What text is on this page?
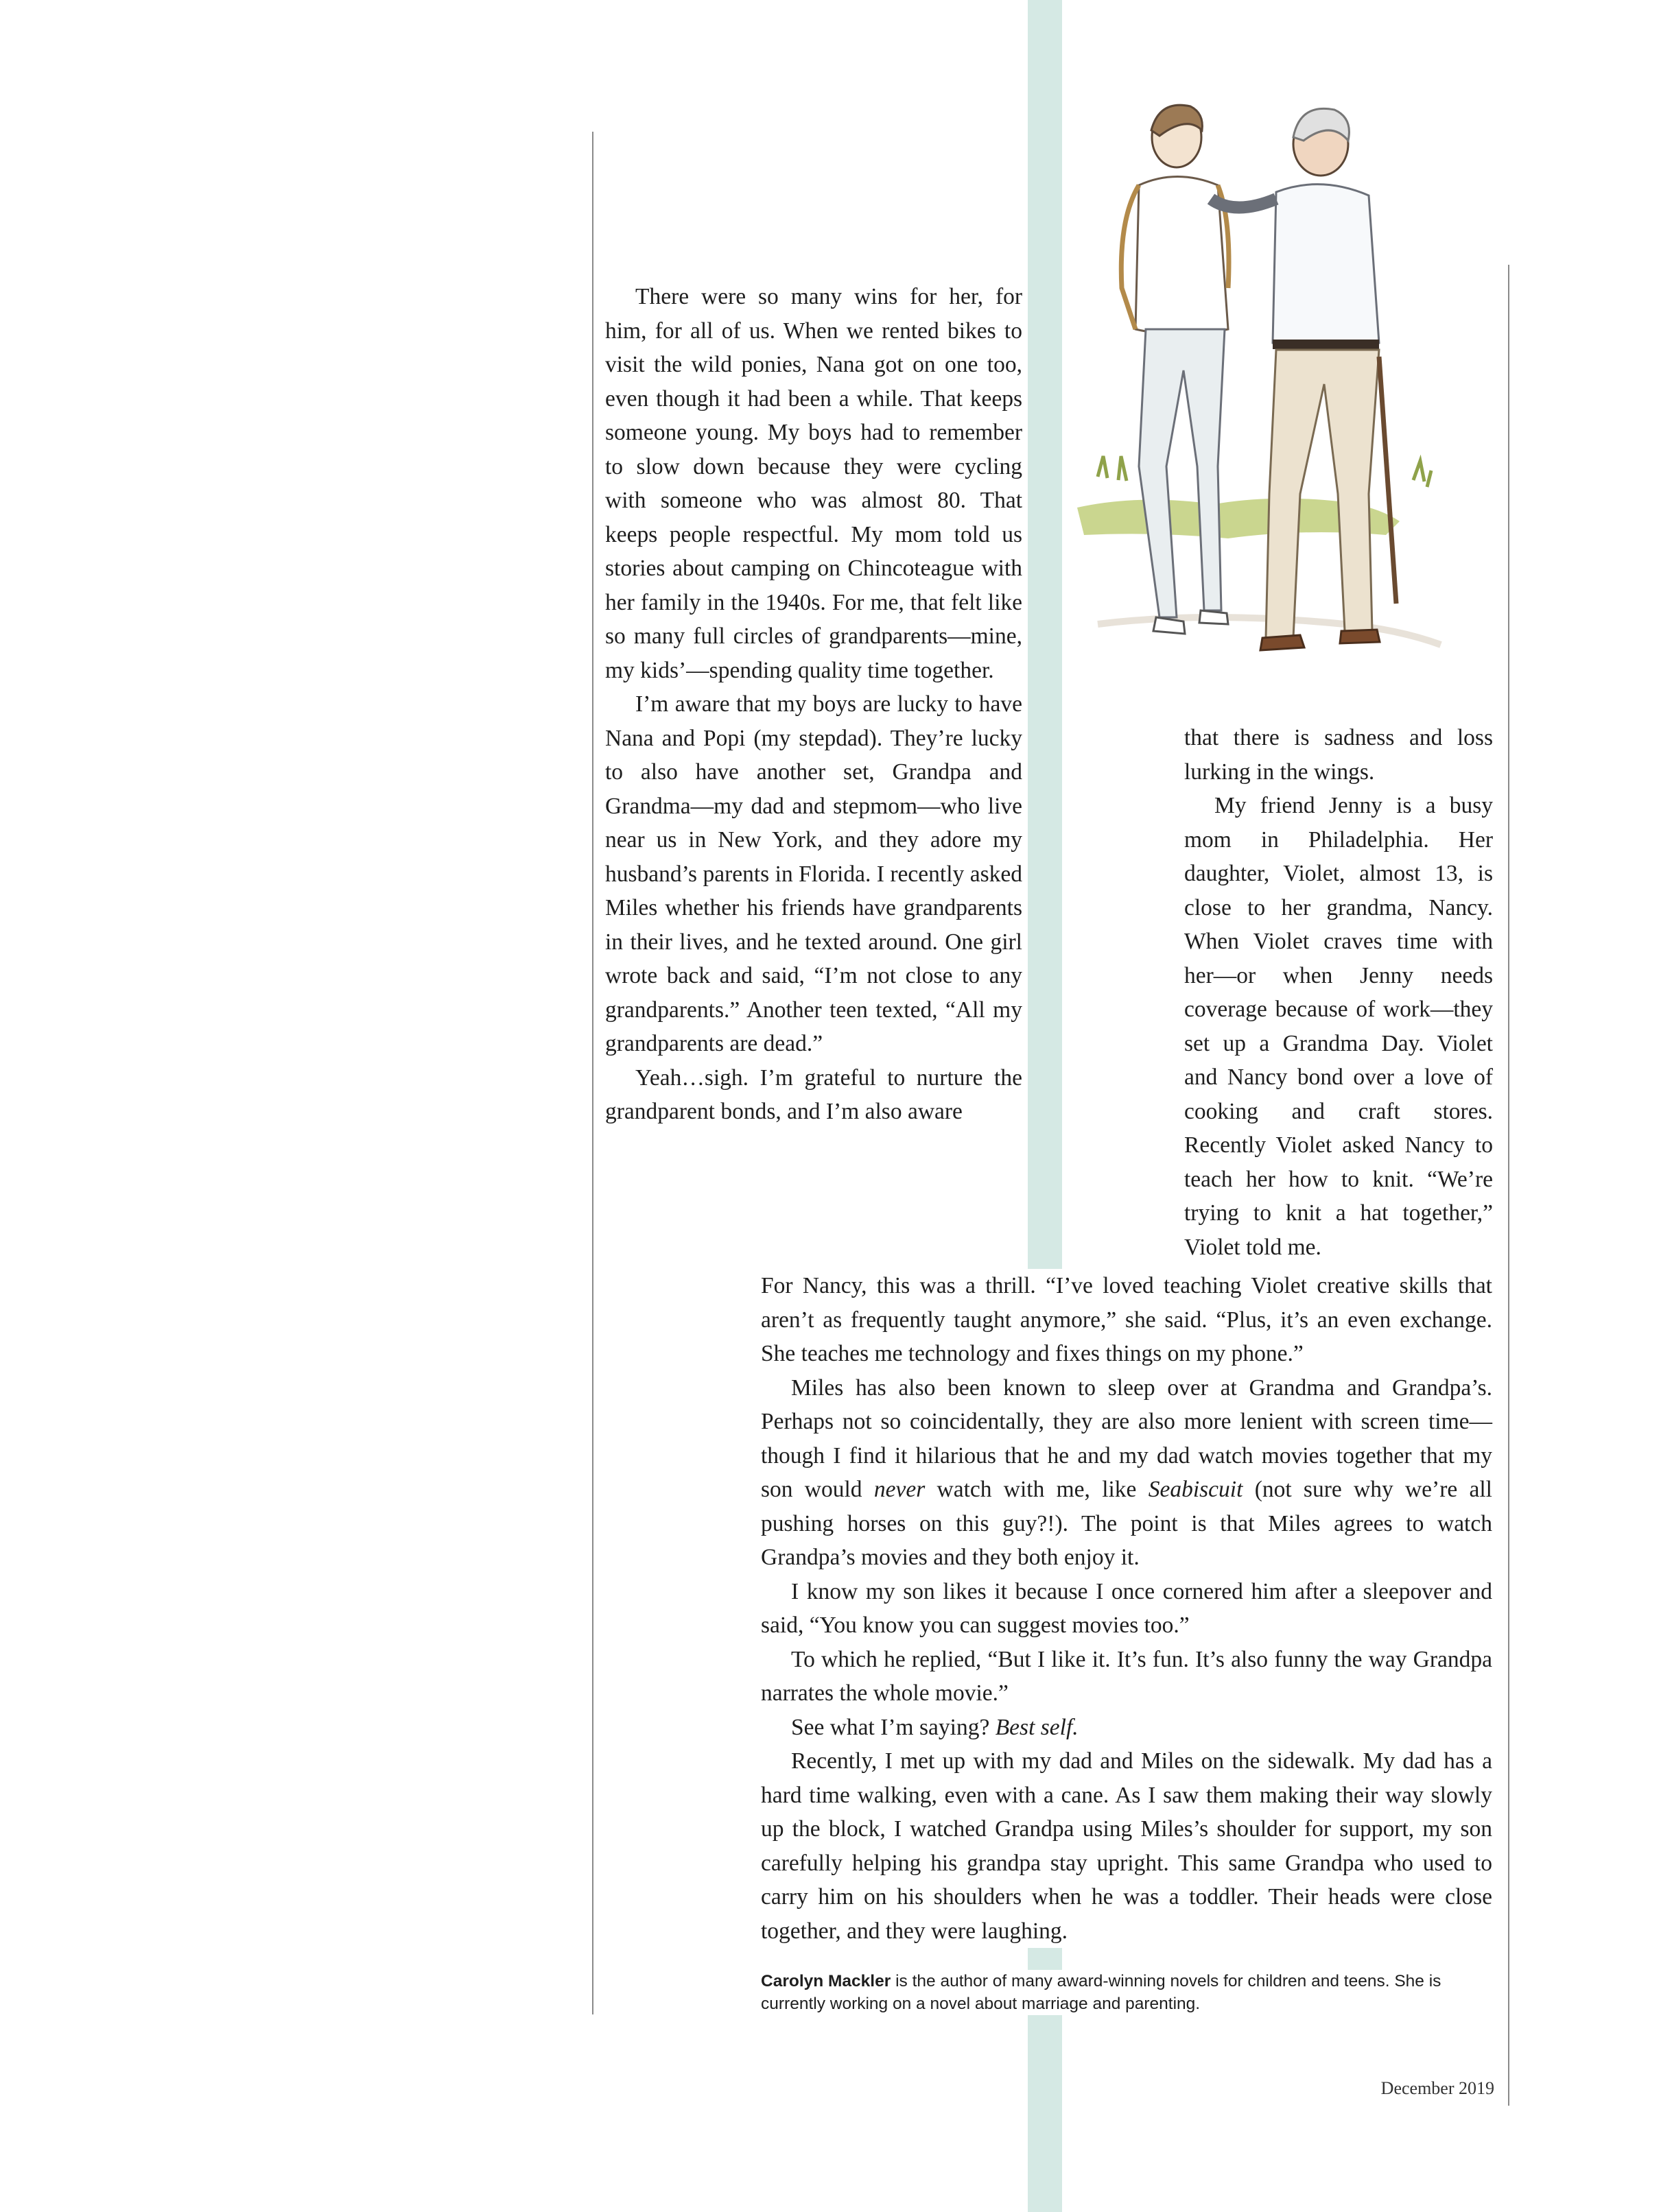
There were so many wins for her, for him, for all of us. When we rented bikes to visit the wild ponies, Nana got on one too, even though it had been a while. That keeps someone young. My boys had to remember to slow down because they were cycling with someone who was almost 80. That keeps people respectful. My mom told us stories about camping on Chincoteague with her family in the 1940s. For me, that felt like so many full circles of grandparents—mine, my kids’—spending quality time together.

I’m aware that my boys are lucky to have Nana and Popi (my stepdad). They’re lucky to also have another set, Grandpa and Grandma—my dad and stepmom—who live near us in New York, and they adore my husband’s parents in Florida. I recently asked Miles whether his friends have grandparents in their lives, and he texted around. One girl wrote back and said, “I’m not close to any grandparents.” Another teen texted, “All my grandparents are dead.”

Yeah…sigh. I’m grateful to nurture the grandparent bonds, and I’m also aware

that there is sadness and loss lurking in the wings.

My friend Jenny is a busy mom in Philadelphia. Her daughter, Violet, almost 13, is close to her grandma, Nancy. When Violet craves time with her—or when Jenny needs coverage because of work—they set up a Grandma Day. Violet and Nancy bond over a love of cooking and craft stores. Recently Violet asked Nancy to teach her how to knit. “We’re trying to knit a hat together,” Violet told me.

For Nancy, this was a thrill. “I’ve loved teaching Violet creative skills that aren’t as frequently taught anymore,” she said. “Plus, it’s an even exchange. She teaches me technology and fixes things on my phone.”

Miles has also been known to sleep over at Grandma and Grandpa’s. Perhaps not so coincidentally, they are also more lenient with screen time—though I find it hilarious that he and my dad watch movies together that my son would never watch with me, like Seabiscuit (not sure why we’re all pushing horses on this guy?!). The point is that Miles agrees to watch Grandpa’s movies and they both enjoy it.

I know my son likes it because I once cornered him after a sleepover and said, “You know you can suggest movies too.”

To which he replied, “But I like it. It’s fun. It’s also funny the way Grandpa narrates the whole movie.”

See what I’m saying? Best self.

Recently, I met up with my dad and Miles on the sidewalk. My dad has a hard time walking, even with a cane. As I saw them making their way slowly up the block, I watched Grandpa using Miles’s shoulder for support, my son carefully helping his grandpa stay upright. This same Grandpa who used to carry him on his shoulders when he was a toddler. Their heads were close together, and they were laughing.

Carolyn Mackler is the author of many award-winning novels for children and teens. She is currently working on a novel about marriage and parenting.
December 2019
